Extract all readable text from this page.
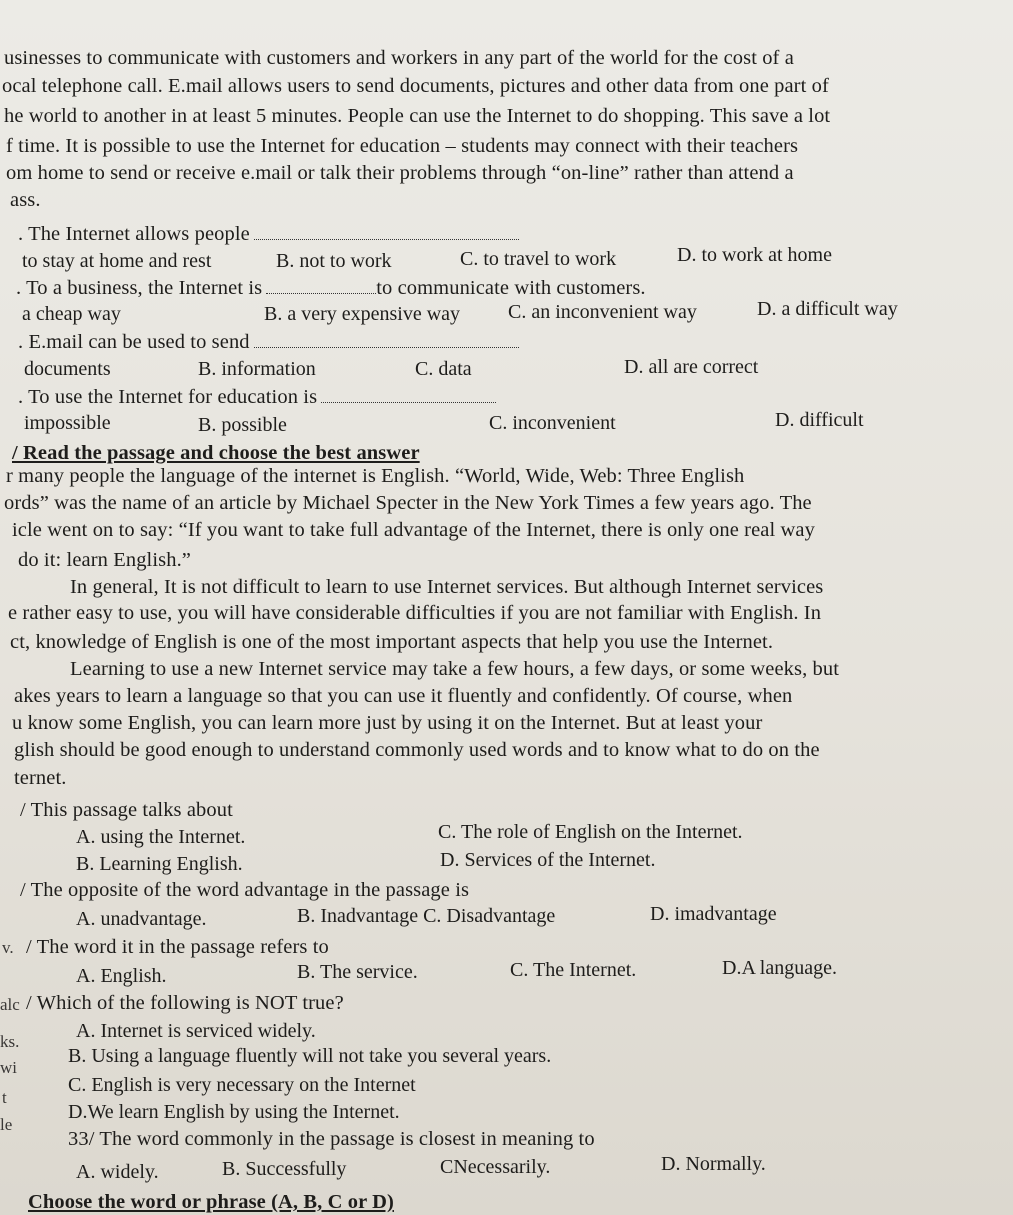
usinesses to communicate with customers and workers in any part of the world for the cost of a
ocal telephone call. E.mail allows users to send documents, pictures and other data from one part of
he world to another in at least 5 minutes. People can use the Internet to do shopping. This save a lot
f time. It is possible to use the Internet for education – students may connect with their teachers
om home to send or receive e.mail or talk their problems through “on-line” rather than attend a
ass.
. The Internet allows people
to stay at home and rest	B. not to work	C. to travel to work	D. to work at home
. To a business, the Internet is	to communicate with customers.
a cheap way	B. a very expensive way C. an inconvenient way	D. a difficult way
. E.mail can be used to send
documents	B. information	C. data	D. all are correct
. To use the Internet for education is
impossible	B. possible	C. inconvenient	D. difficult
/ Read the passage and choose the best answer
r many people the language of the internet is English. “World, Wide, Web: Three English
ords” was the name of an article by Michael Specter in the New York Times a few years ago. The
icle went on to say: “If you want to take full advantage of the Internet, there is only one real way
do it: learn English.”
In general, It is not difficult to learn to use Internet services. But although Internet services
e rather easy to use, you will have considerable difficulties if you are not familiar with English. In
ct, knowledge of English is one of the most important aspects that help you use the Internet.
Learning to use a new Internet service may take a few hours, a few days, or some weeks, but
akes years to learn a language so that you can use it fluently and confidently. Of course, when
u know some English, you can learn more just by using it on the Internet. But at least your
glish should be good enough to understand commonly used words and to know what to do on the
ternet.
/ This passage talks about
A. using the Internet.	C. The role of English on the Internet.
B. Learning English.	D. Services of the Internet.
/ The opposite of the word advantage in the passage is
A. unadvantage.	B. Inadvantage C. Disadvantage	D. imadvantage
v. / The word it in the passage refers to
A. English.	B. The service.	C. The Internet.	D.A language.
alc / Which of the following is NOT true?
ks.	A. Internet is serviced widely.
wi
B. Using a language fluently will not take you several years.
t
C. English is very necessary on the Internet
le
D.We learn English by using the Internet.
33/ The word commonly in the passage is closest in meaning to
A. widely.	B. Successfully	CNecessarily.	D. Normally.
Choose the word or phrase (A, B, C or D)
